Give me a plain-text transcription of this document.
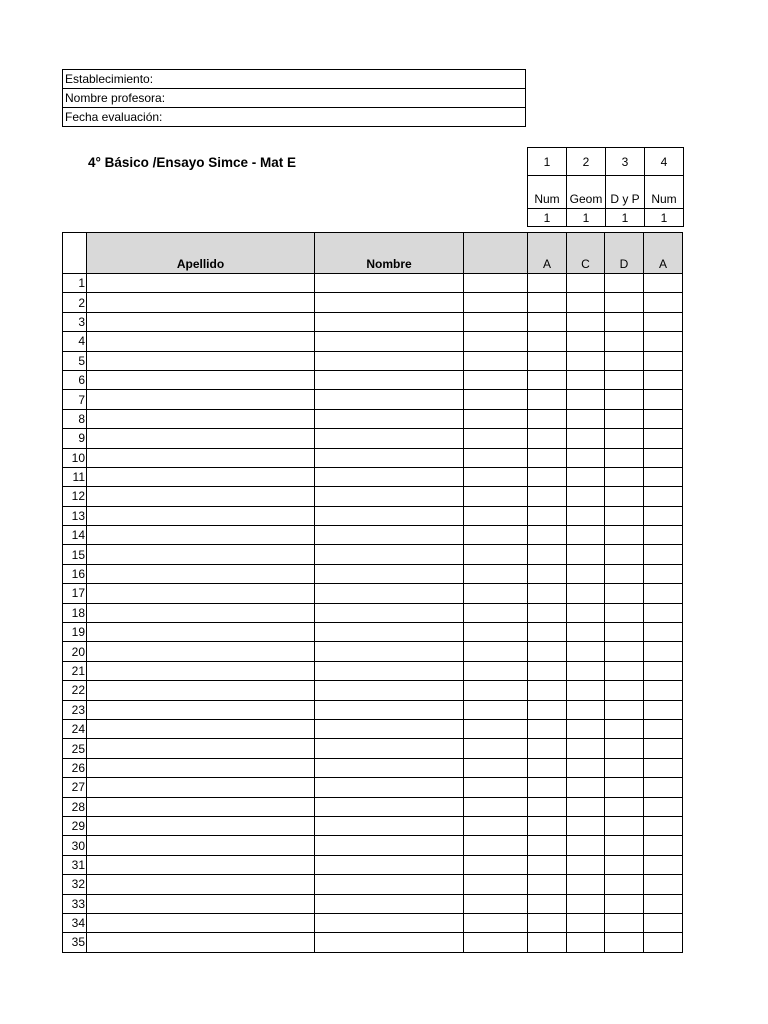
Establecimiento:
Nombre profesora:
Fecha evaluación:
4° Básico /Ensayo Simce - Mat E	1	2	3	4
Num	Geom	D y P	Num
1	1	1	1
	Apellido	Nombre		A	C	D	A
1							
2							
3							
4							
5							
6							
7							
8							
9							
10							
11							
12							
13							
14							
15							
16							
17							
18							
19							
20							
21							
22							
23							
24							
25							
26							
27							
28							
29							
30							
31							
32							
33							
34							
35							
